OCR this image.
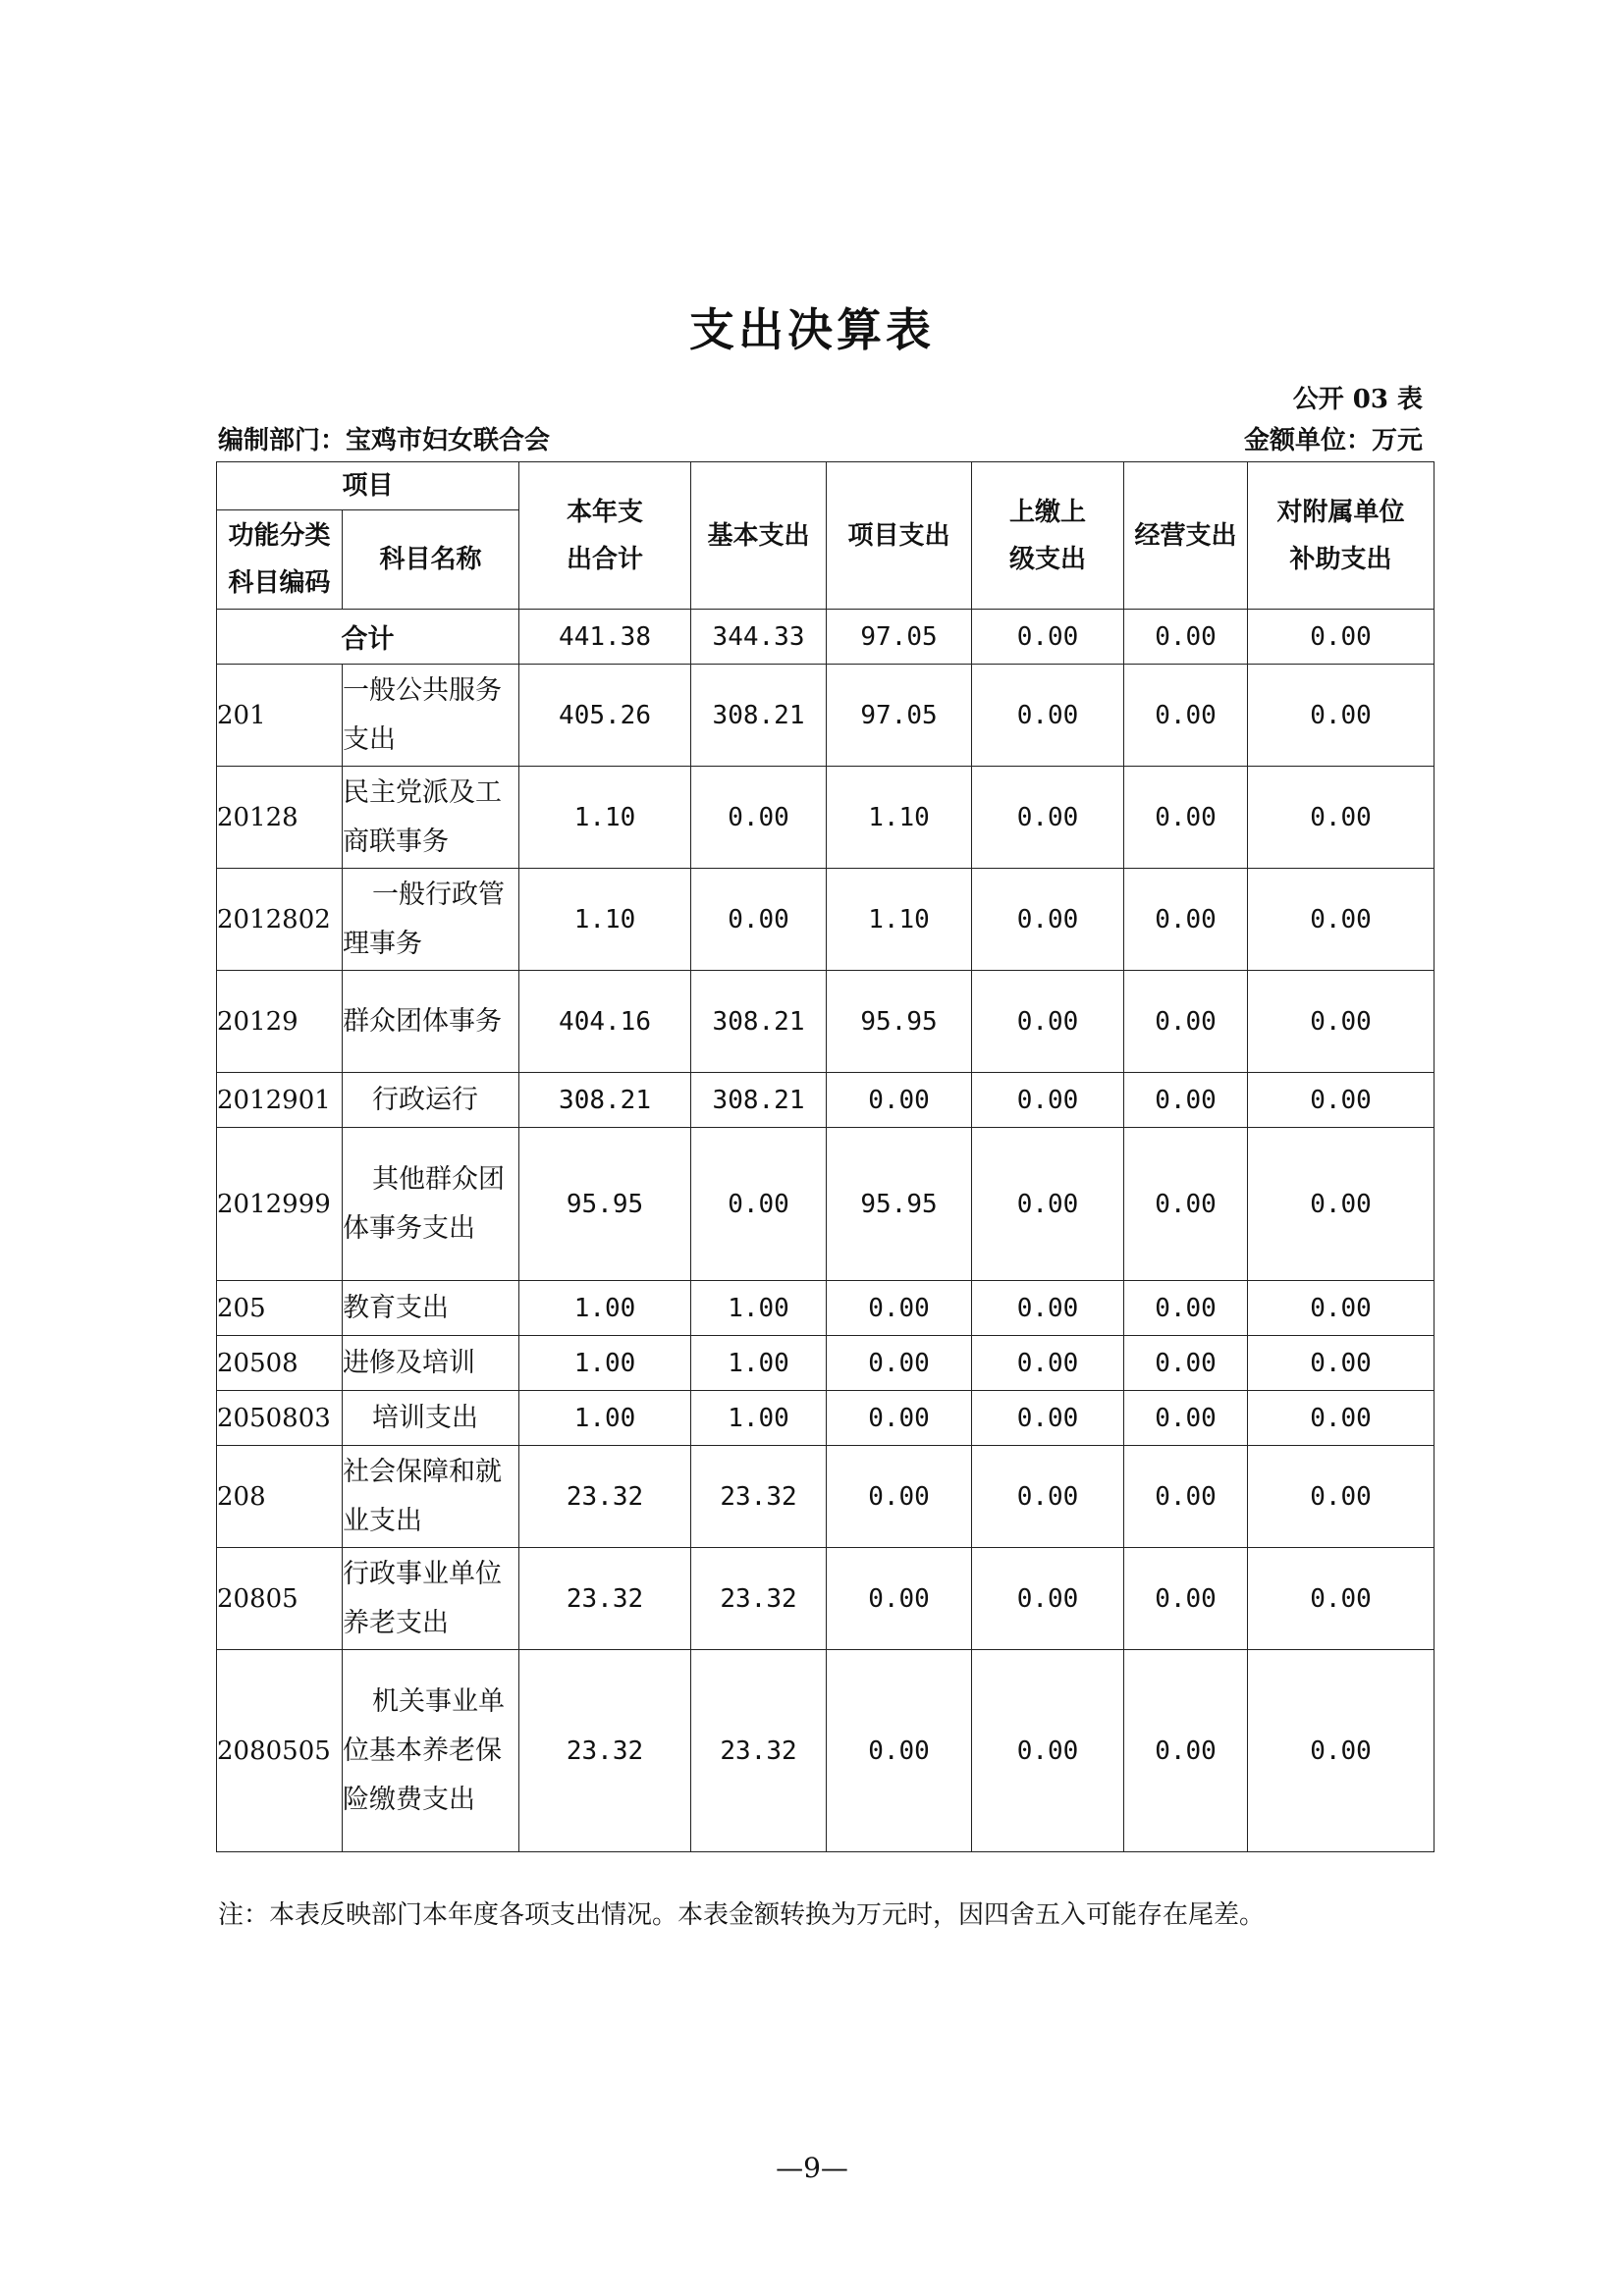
支出决算表
公开 03 表
编制部门：宝鸡市妇女联合会	金额单位：万元
项目		本年支出合计	基本支出	项目支出	上缴上级支出	经营支出	对附属单位补助支出
功能分类科目编码	科目名称						
合计		441.38	344.33	97.05	0.00	0.00	0.00
201	一般公共服务支出	405.26	308.21	97.05	0.00	0.00	0.00
20128	民主党派及工商联事务	1.10	0.00	1.10	0.00	0.00	0.00
2012802	一般行政管理事务	1.10	0.00	1.10	0.00	0.00	0.00
20129	群众团体事务	404.16	308.21	95.95	0.00	0.00	0.00
2012901	行政运行	308.21	308.21	0.00	0.00	0.00	0.00
2012999	其他群众团体事务支出	95.95	0.00	95.95	0.00	0.00	0.00
205	教育支出	1.00	1.00	0.00	0.00	0.00	0.00
20508	进修及培训	1.00	1.00	0.00	0.00	0.00	0.00
2050803	培训支出	1.00	1.00	0.00	0.00	0.00	0.00
208	社会保障和就业支出	23.32	23.32	0.00	0.00	0.00	0.00
20805	行政事业单位养老支出	23.32	23.32	0.00	0.00	0.00	0.00
2080505	机关事业单位基本养老保险缴费支出	23.32	23.32	0.00	0.00	0.00	0.00
注：本表反映部门本年度各项支出情况。本表金额转换为万元时，因四舍五入可能存在尾差。
—9—
